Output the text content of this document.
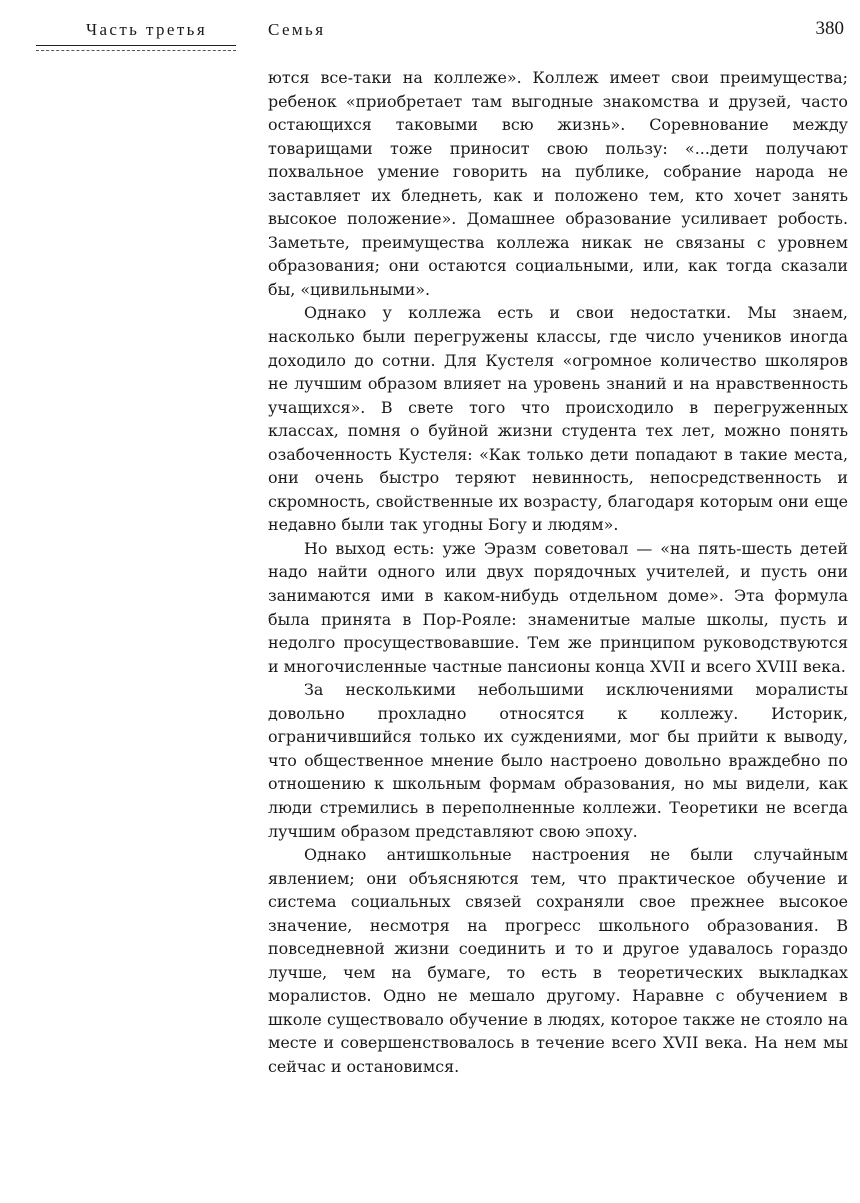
Часть третья	Семья	380

ются все-таки на коллеже». Коллеж имеет свои преимущества; ребенок «приобретает там выгодные знакомства и друзей, часто остающихся таковыми всю жизнь». Соревнование между товарищами тоже приносит свою пользу: «...дети получают похвальное умение говорить на публике, собрание народа не заставляет их бледнеть, как и положено тем, кто хочет занять высокое положение». Домашнее образование усиливает робость. Заметьте, преимущества коллежа никак не связаны с уровнем образования; они остаются социальными, или, как тогда сказали бы, «цивильными».

Однако у коллежа есть и свои недостатки. Мы знаем, насколько были перегружены классы, где число учеников иногда доходило до сотни. Для Кустеля «огромное количество школяров не лучшим образом влияет на уровень знаний и на нравственность учащихся». В свете того что происходило в перегруженных классах, помня о буйной жизни студента тех лет, можно понять озабоченность Кустеля: «Как только дети попадают в такие места, они очень быстро теряют невинность, непосредственность и скромность, свойственные их возрасту, благодаря которым они еще недавно были так угодны Богу и людям».

Но выход есть: уже Эразм советовал — «на пять-шесть детей надо найти одного или двух порядочных учителей, и пусть они занимаются ими в каком-нибудь отдельном доме». Эта формула была принята в Пор-Рояле: знаменитые малые школы, пусть и недолго просуществовавшие. Тем же принципом руководствуются и многочисленные частные пансионы конца XVII и всего XVIII века.

За несколькими небольшими исключениями моралисты довольно прохладно относятся к коллежу. Историк, ограничившийся только их суждениями, мог бы прийти к выводу, что общественное мнение было настроено довольно враждебно по отношению к школьным формам образования, но мы видели, как люди стремились в переполненные коллежи. Теоретики не всегда лучшим образом представляют свою эпоху.

Однако антишкольные настроения не были случайным явлением; они объясняются тем, что практическое обучение и система социальных связей сохраняли свое прежнее высокое значение, несмотря на прогресс школьного образования. В повседневной жизни соединить и то и другое удавалось гораздо лучше, чем на бумаге, то есть в теоретических выкладках моралистов. Одно не мешало другому. Наравне с обучением в школе существовало обучение в людях, которое также не стояло на месте и совершенствовалось в течение всего XVII века. На нем мы сейчас и остановимся.
